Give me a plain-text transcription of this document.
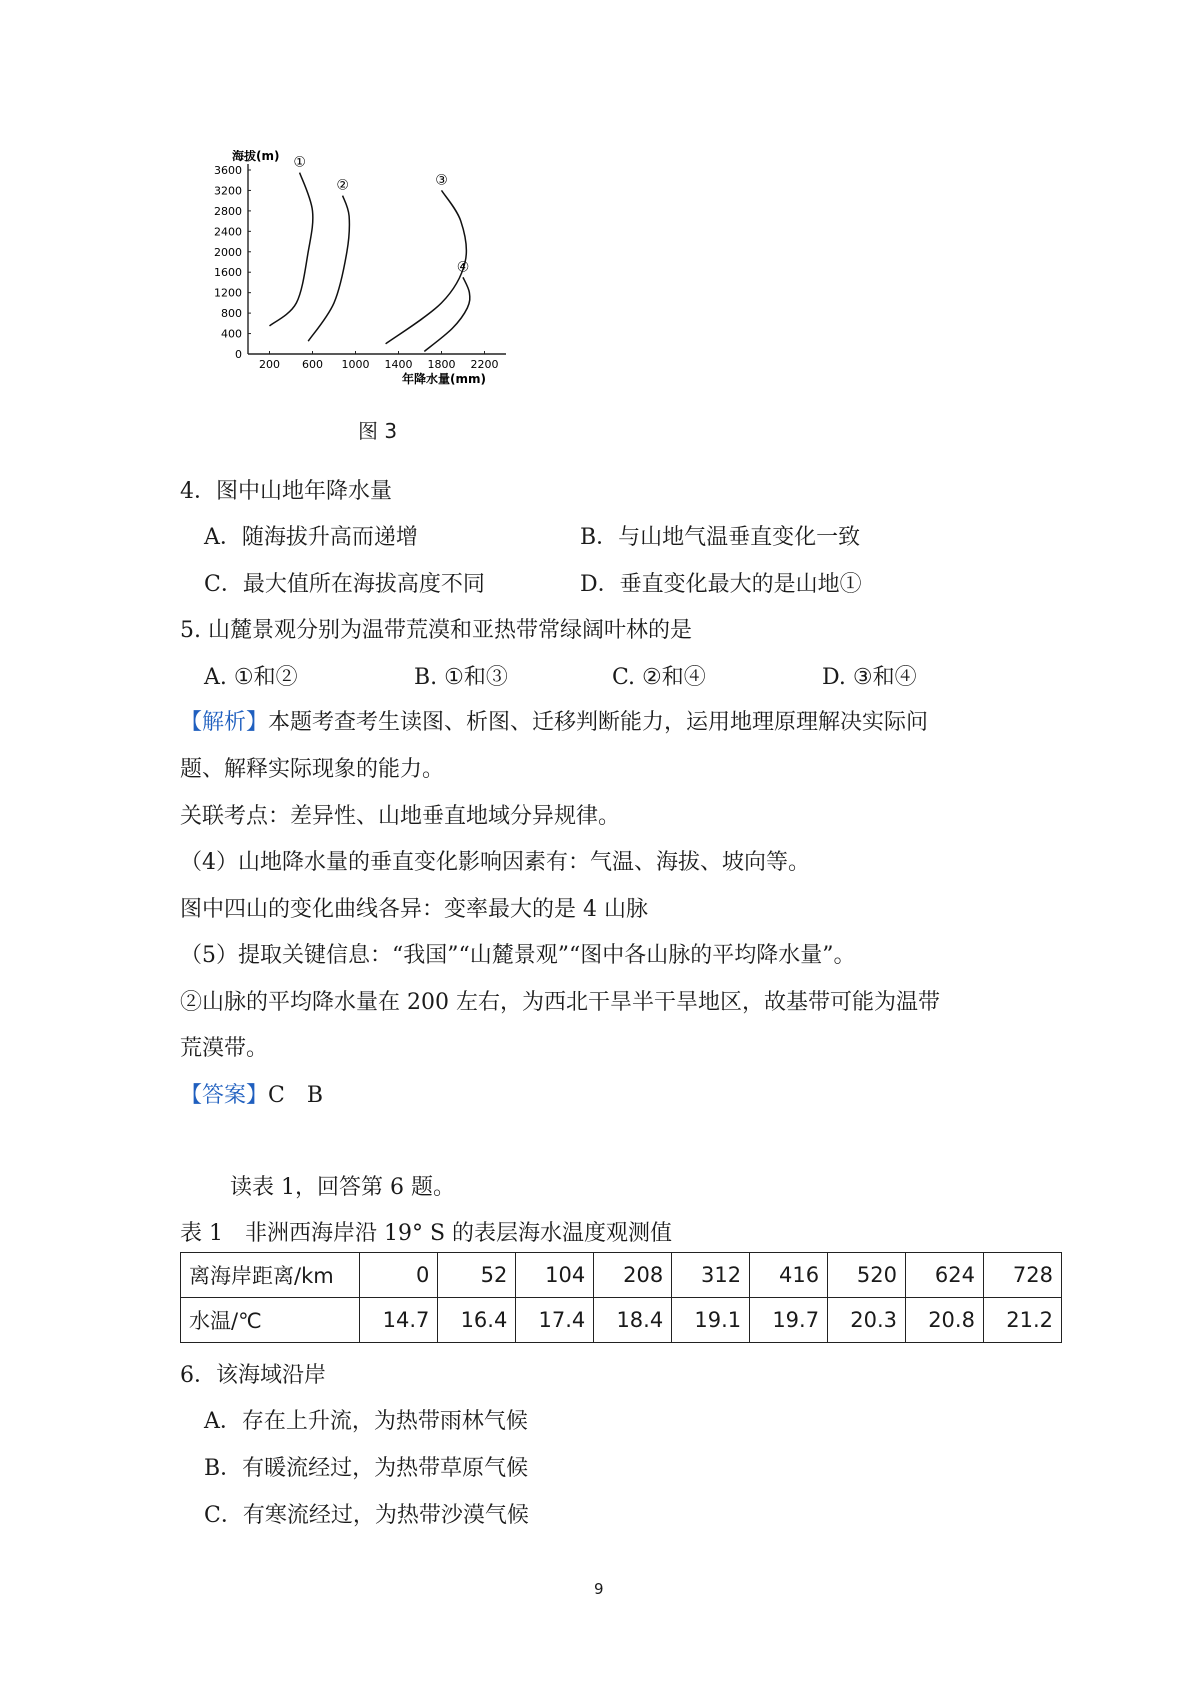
海拔(m)
3600
3200
2800
2400
2000
1600
1200
800
400
0
200 600 1000 1400 1800 2200
①
②	③
④
年降水量(mm)
图 3
4．图中山地年降水量
A．随海拔升高而递增	B．与山地气温垂直变化一致
C．最大值所在海拔高度不同	D．垂直变化最大的是山地①
5. 山麓景观分别为温带荒漠和亚热带常绿阔叶林的是
A. ①和②	B. ①和③	C. ②和④	D. ③和④
【解析】本题考查考生读图、析图、迁移判断能力，运用地理原理解决实际问
题、解释实际现象的能力。
关联考点：差异性、山地垂直地域分异规律。
（4）山地降水量的垂直变化影响因素有：气温、海拔、坡向等。
图中四山的变化曲线各异：变率最大的是 4 山脉
（5）提取关键信息：“我国”“山麓景观”“图中各山脉的平均降水量”。
②山脉的平均降水量在 200 左右，为西北干旱半干旱地区，故基带可能为温带
荒漠带。
【答案】C　B
读表 1，回答第 6 题。
表 1　非洲西海岸沿 19° S 的表层海水温度观测值
离海岸距离/km	0	52	104	208	312	416	520	624	728
水温/℃	14.7	16.4	17.4	18.4	19.1	19.7	20.3	20.8	21.2
6．该海域沿岸
A．存在上升流，为热带雨林气候
B．有暖流经过，为热带草原气候
C．有寒流经过，为热带沙漠气候
9
